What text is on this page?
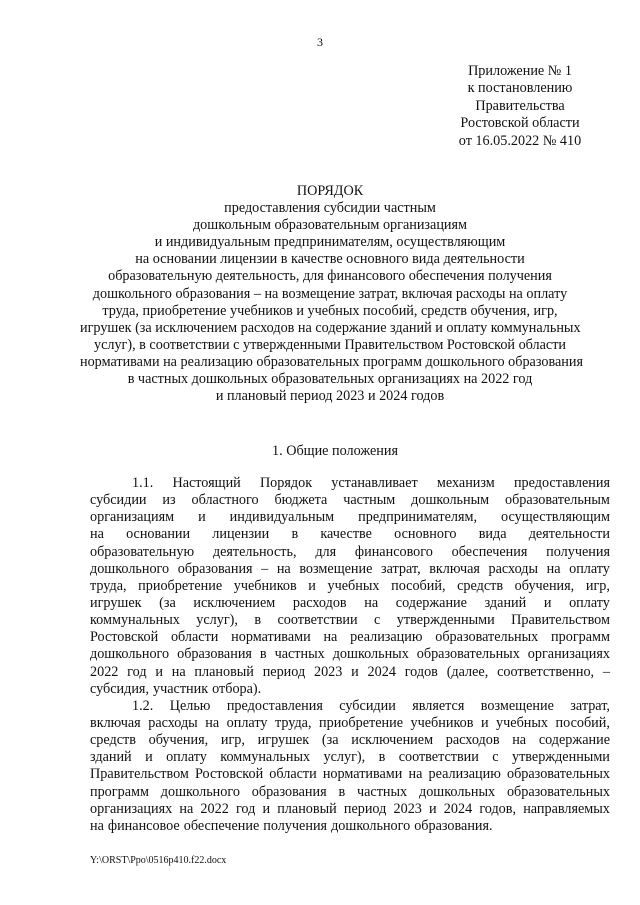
3
Приложение № 1
к постановлению
Правительства
Ростовской области
от 16.05.2022 № 410
ПОРЯДОК
предоставления субсидии частным
дошкольным образовательным организациям
и индивидуальным предпринимателям, осуществляющим
на основании лицензии в качестве основного вида деятельности
образовательную деятельность, для финансового обеспечения получения
дошкольного образования – на возмещение затрат, включая расходы на оплату
труда, приобретение учебников и учебных пособий, средств обучения, игр,
игрушек (за исключением расходов на содержание зданий и оплату коммунальных
услуг), в соответствии с утвержденными Правительством Ростовской области
нормативами на реализацию образовательных программ дошкольного образования
в частных дошкольных образовательных организациях на 2022 год
и плановый период 2023 и 2024 годов
1. Общие положения
1.1. Настоящий Порядок устанавливает механизм предоставления
субсидии из областного бюджета частным дошкольным образовательным
организациям и индивидуальным предпринимателям, осуществляющим
на основании лицензии в качестве основного вида деятельности
образовательную деятельность, для финансового обеспечения получения
дошкольного образования – на возмещение затрат, включая расходы на оплату
труда, приобретение учебников и учебных пособий, средств обучения, игр,
игрушек (за исключением расходов на содержание зданий и оплату
коммунальных услуг), в соответствии с утвержденными Правительством
Ростовской области нормативами на реализацию образовательных программ
дошкольного образования в частных дошкольных образовательных организациях
2022 год и на плановый период 2023 и 2024 годов (далее, соответственно, –
субсидия, участник отбора).
1.2. Целью предоставления субсидии является возмещение затрат,
включая расходы на оплату труда, приобретение учебников и учебных пособий,
средств обучения, игр, игрушек (за исключением расходов на содержание
зданий и оплату коммунальных услуг), в соответствии с утвержденными
Правительством Ростовской области нормативами на реализацию образовательных
программ дошкольного образования в частных дошкольных образовательных
организациях на 2022 год и плановый период 2023 и 2024 годов, направляемых
на финансовое обеспечение получения дошкольного образования.
Y:\ORST\Ppo\0516p410.f22.docx
